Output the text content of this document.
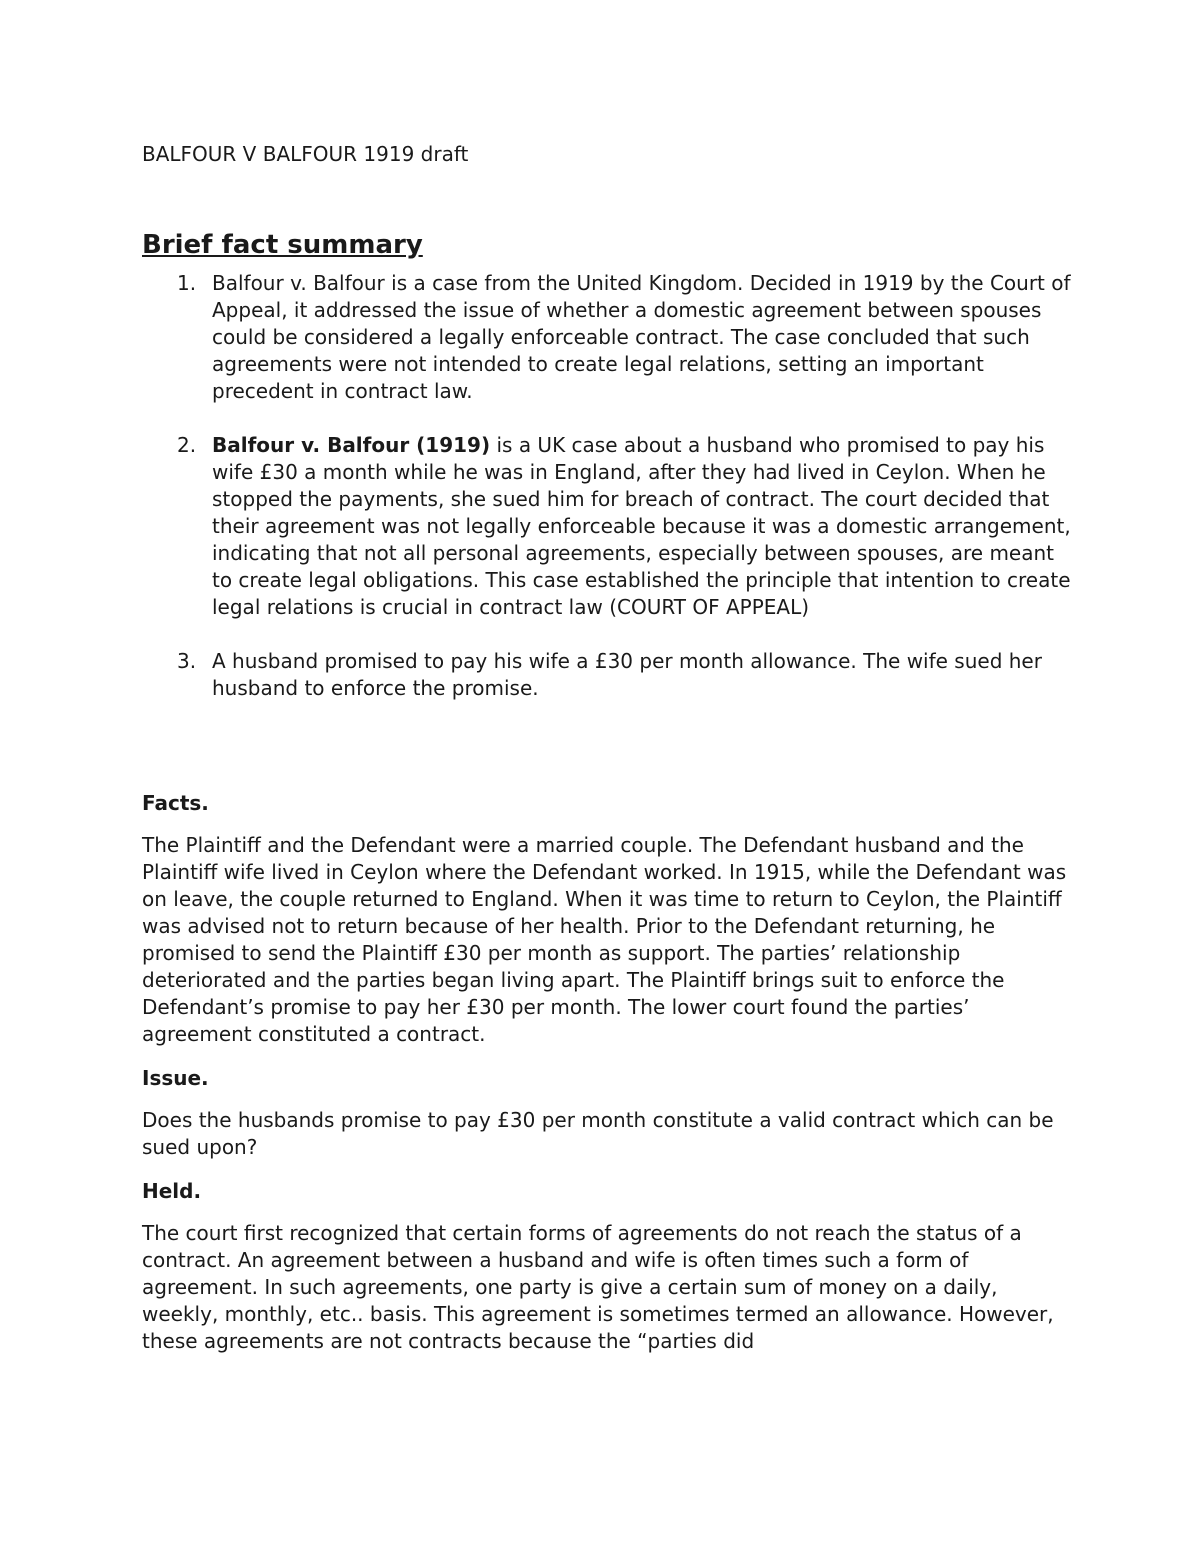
BALFOUR V BALFOUR 1919 draft

Brief fact summary
1. Balfour v. Balfour is a case from the United Kingdom. Decided in 1919 by the Court of Appeal, it addressed the issue of whether a domestic agreement between spouses could be considered a legally enforceable contract. The case concluded that such agreements were not intended to create legal relations, setting an important precedent in contract law.
2. Balfour v. Balfour (1919) is a UK case about a husband who promised to pay his wife £30 a month while he was in England, after they had lived in Ceylon. When he stopped the payments, she sued him for breach of contract. The court decided that their agreement was not legally enforceable because it was a domestic arrangement, indicating that not all personal agreements, especially between spouses, are meant to create legal obligations. This case established the principle that intention to create legal relations is crucial in contract law (COURT OF APPEAL)
3. A husband promised to pay his wife a £30 per month allowance. The wife sued her husband to enforce the promise.
Facts.

The Plaintiff and the Defendant were a married couple. The Defendant husband and the Plaintiff wife lived in Ceylon where the Defendant worked. In 1915, while the Defendant was on leave, the couple returned to England. When it was time to return to Ceylon, the Plaintiff was advised not to return because of her health. Prior to the Defendant returning, he promised to send the Plaintiff £30 per month as support. The parties’ relationship deteriorated and the parties began living apart. The Plaintiff brings suit to enforce the Defendant’s promise to pay her £30 per month. The lower court found the parties’ agreement constituted a contract.

Issue.

Does the husbands promise to pay £30 per month constitute a valid contract which can be sued upon?

Held.

The court first recognized that certain forms of agreements do not reach the status of a contract. An agreement between a husband and wife is often times such a form of agreement. In such agreements, one party is give a certain sum of money on a daily, weekly, monthly, etc.. basis. This agreement is sometimes termed an allowance. However, these agreements are not contracts because the “parties did
